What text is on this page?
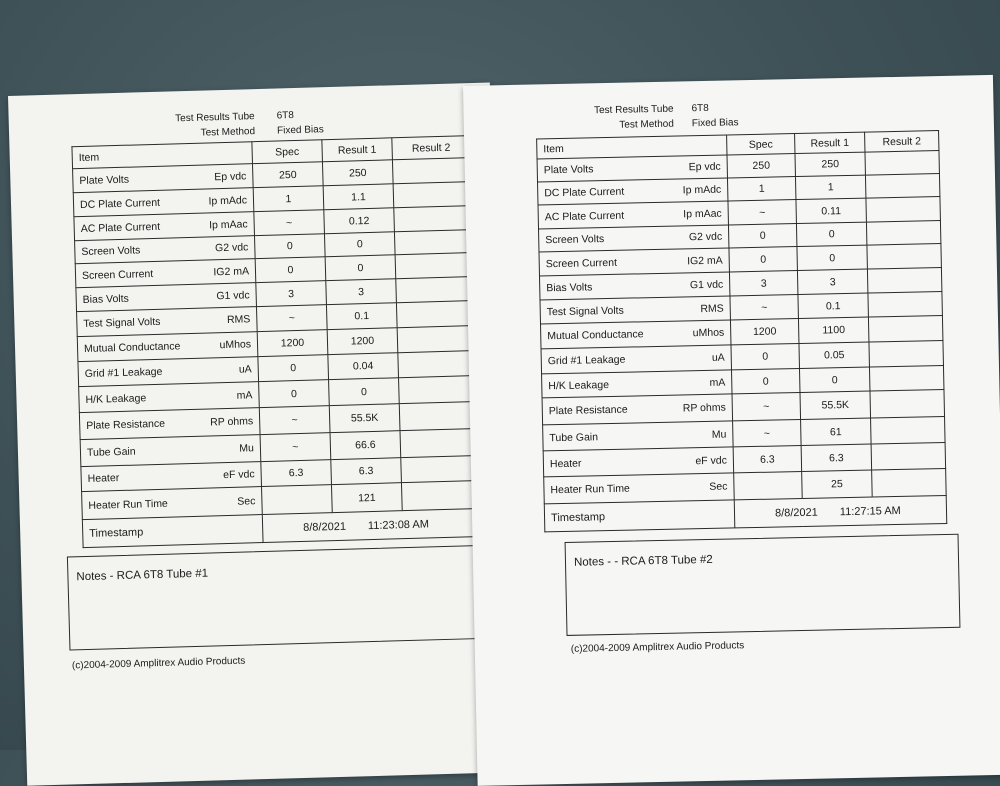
Test Results Tube 6T8
Test Method Fixed Bias
Item	Spec	Result 1	Result 2

Plate Volts Ep vdc	250	250	

DC Plate Current Ip mAdc	1	1.1	

AC Plate Current Ip mAac	~	0.12	

Screen Volts G2 vdc	0	0	

Screen Current IG2 mA	0	0	

Bias Volts G1 vdc	3	3	

Test Signal Volts RMS	~	0.1	

Mutual Conductance uMhos	1200	1200	

Grid #1 Leakage uA	0	0.04	

H/K Leakage mA	0	0	

Plate Resistance RP ohms	~	55.5K	

Tube Gain Mu	~	66.6	

Heater eF vdc	6.3	6.3	

Heater Run Time Sec		121	
Timestamp	8/8/2021 11:23:08 AM		
Notes - RCA 6T8 Tube #1
(c)2004-2009 Amplitrex Audio Products
Test Results Tube 6T8
Test Method Fixed Bias
Item	Spec	Result 1	Result 2

Plate Volts Ep vdc	250	250	

DC Plate Current Ip mAdc	1	1	

AC Plate Current Ip mAac	~	0.11	

Screen Volts G2 vdc	0	0	

Screen Current IG2 mA	0	0	

Bias Volts G1 vdc	3	3	

Test Signal Volts RMS	~	0.1	

Mutual Conductance uMhos	1200	1100	

Grid #1 Leakage uA	0	0.05	

H/K Leakage mA	0	0	

Plate Resistance RP ohms	~	55.5K	

Tube Gain Mu	~	61	

Heater eF vdc	6.3	6.3	

Heater Run Time Sec		25	
Timestamp	8/8/2021 11:27:15 AM		
Notes - - RCA 6T8 Tube #2
(c)2004-2009 Amplitrex Audio Products
